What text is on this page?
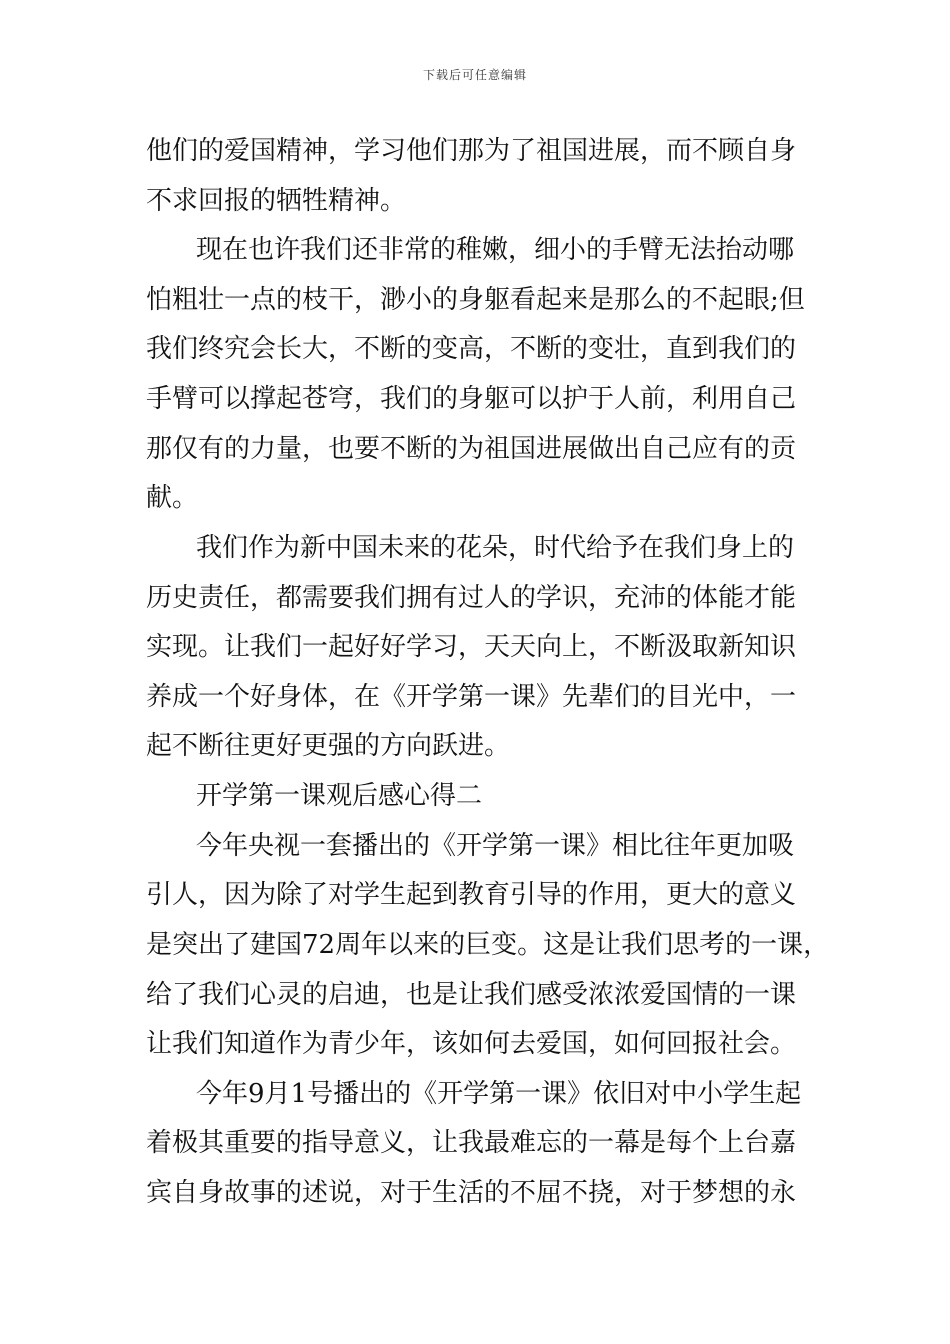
下载后可任意编辑
他们的爱国精神，学习他们那为了祖国进展，而不顾自身
不求回报的牺牲精神。
现在也许我们还非常的稚嫩，细小的手臂无法抬动哪
怕粗壮一点的枝干，渺小的身躯看起来是那么的不起眼;但
我们终究会长大，不断的变高，不断的变壮，直到我们的
手臂可以撑起苍穹，我们的身躯可以护于人前，利用自己
那仅有的力量，也要不断的为祖国进展做出自己应有的贡
献。
我们作为新中国未来的花朵，时代给予在我们身上的
历史责任，都需要我们拥有过人的学识，充沛的体能才能
实现。让我们一起好好学习，天天向上，不断汲取新知识
养成一个好身体，在《开学第一课》先辈们的目光中，一
起不断往更好更强的方向跃进。
开学第一课观后感心得二
今年央视一套播出的《开学第一课》相比往年更加吸
引人，因为除了对学生起到教育引导的作用，更大的意义
是突出了建国72周年以来的巨变。这是让我们思考的一课，
给了我们心灵的启迪，也是让我们感受浓浓爱国情的一课
让我们知道作为青少年，该如何去爱国，如何回报社会。
今年9月1号播出的《开学第一课》依旧对中小学生起
着极其重要的指导意义，让我最难忘的一幕是每个上台嘉
宾自身故事的述说，对于生活的不屈不挠，对于梦想的永
